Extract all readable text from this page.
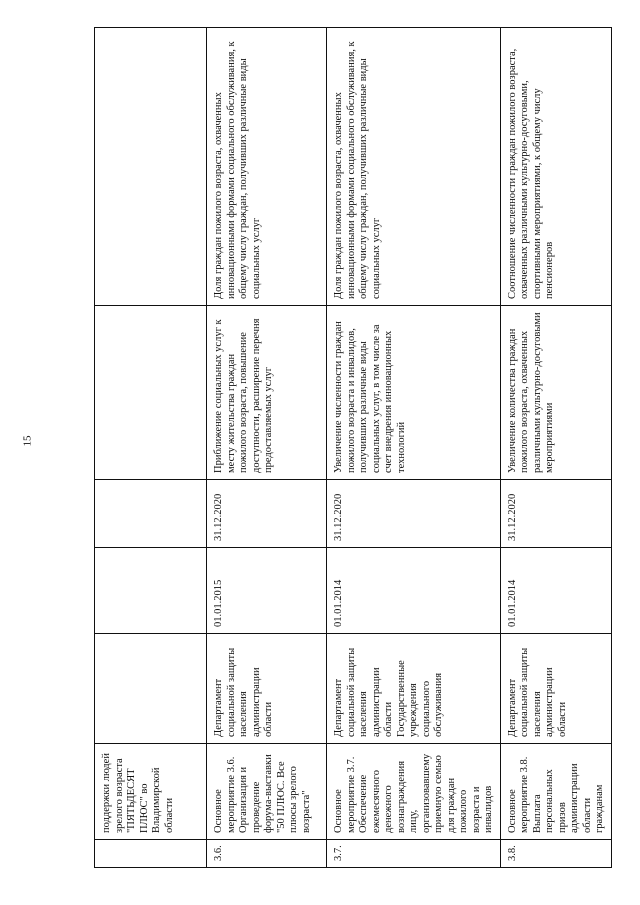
15
	поддержки людей зрелого возраста "ПЯТЬДЕСЯТ ПЛЮС" во Владимирской области					
3.6.	Основное мероприятие 3.6. Организация и проведение форума-выставки "50 ПЛЮС. Все плюсы зрелого возраста"	Департамент социальной защиты населения администрации области	01.01.2015	31.12.2020	Приближение социальных услуг к месту жительства граждан пожилого возраста, повышение доступности, расширение перечня предоставляемых услуг	Доля граждан пожилого возраста, охваченных инновационными формами социального обслуживания, к общему числу граждан, получивших различные виды социальных услуг
3.7.	Основное мероприятие 3.7. Обеспечение ежемесячного денежного вознаграждения лицу, организовавшему приемную семью для граждан пожилого возраста и инвалидов	Департамент социальной защиты населения администрации области Государственные учреждения социального обслуживания	01.01.2014	31.12.2020	Увеличение численности граждан пожилого возраста и инвалидов, получивших различные виды социальных услуг, в том числе за счет внедрения инновационных технологий	Доля граждан пожилого возраста, охваченных инновационными формами социального обслуживания, к общему числу граждан, получивших различные виды социальных услуг
3.8.	Основное мероприятие 3.8. Выплата персональных призов администрации области гражданам	Департамент социальной защиты населения администрации области	01.01.2014	31.12.2020	Увеличение количества граждан пожилого возраста, охваченных различными культурно-досуговыми мероприятиями	Соотношение численности граждан пожилого возраста, охваченных различными культурно-досуговыми, спортивными мероприятиями, к общему числу пенсионеров
